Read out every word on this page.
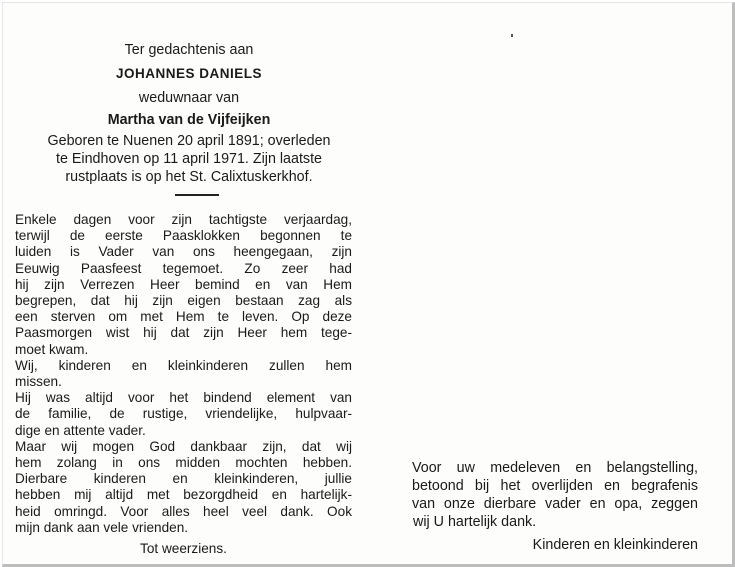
Ter gedachtenis aan
JOHANNES DANIELS
weduwnaar van
Martha van de Vijfeijken
Geboren te Nuenen 20 april 1891; overleden
te Eindhoven op 11 april 1971. Zijn laatste
rustplaats is op het St. Calixtuskerkhof.
Enkele dagen voor zijn tachtigste verjaardag,
terwijl de eerste Paasklokken begonnen te
luiden is Vader van ons heengegaan, zijn
Eeuwig Paasfeest tegemoet. Zo zeer had
hij zijn Verrezen Heer bemind en van Hem
begrepen, dat hij zijn eigen bestaan zag als
een sterven om met Hem te leven. Op deze
Paasmorgen wist hij dat zijn Heer hem tege-
moet kwam.
Wij, kinderen en kleinkinderen zullen hem
missen.
Hij was altijd voor het bindend element van
de familie, de rustige, vriendelijke, hulpvaar-
dige en attente vader.
Maar wij mogen God dankbaar zijn, dat wij
hem zolang in ons midden mochten hebben.
Dierbare kinderen en kleinkinderen, jullie
hebben mij altijd met bezorgdheid en hartelijk-
heid omringd. Voor alles heel veel dank. Ook
mijn dank aan vele vrienden.
Tot weerziens.
Voor uw medeleven en belangstelling,
betoond bij het overlijden en begrafenis
van onze dierbare vader en opa, zeggen
wij U hartelijk dank.
Kinderen en kleinkinderen
